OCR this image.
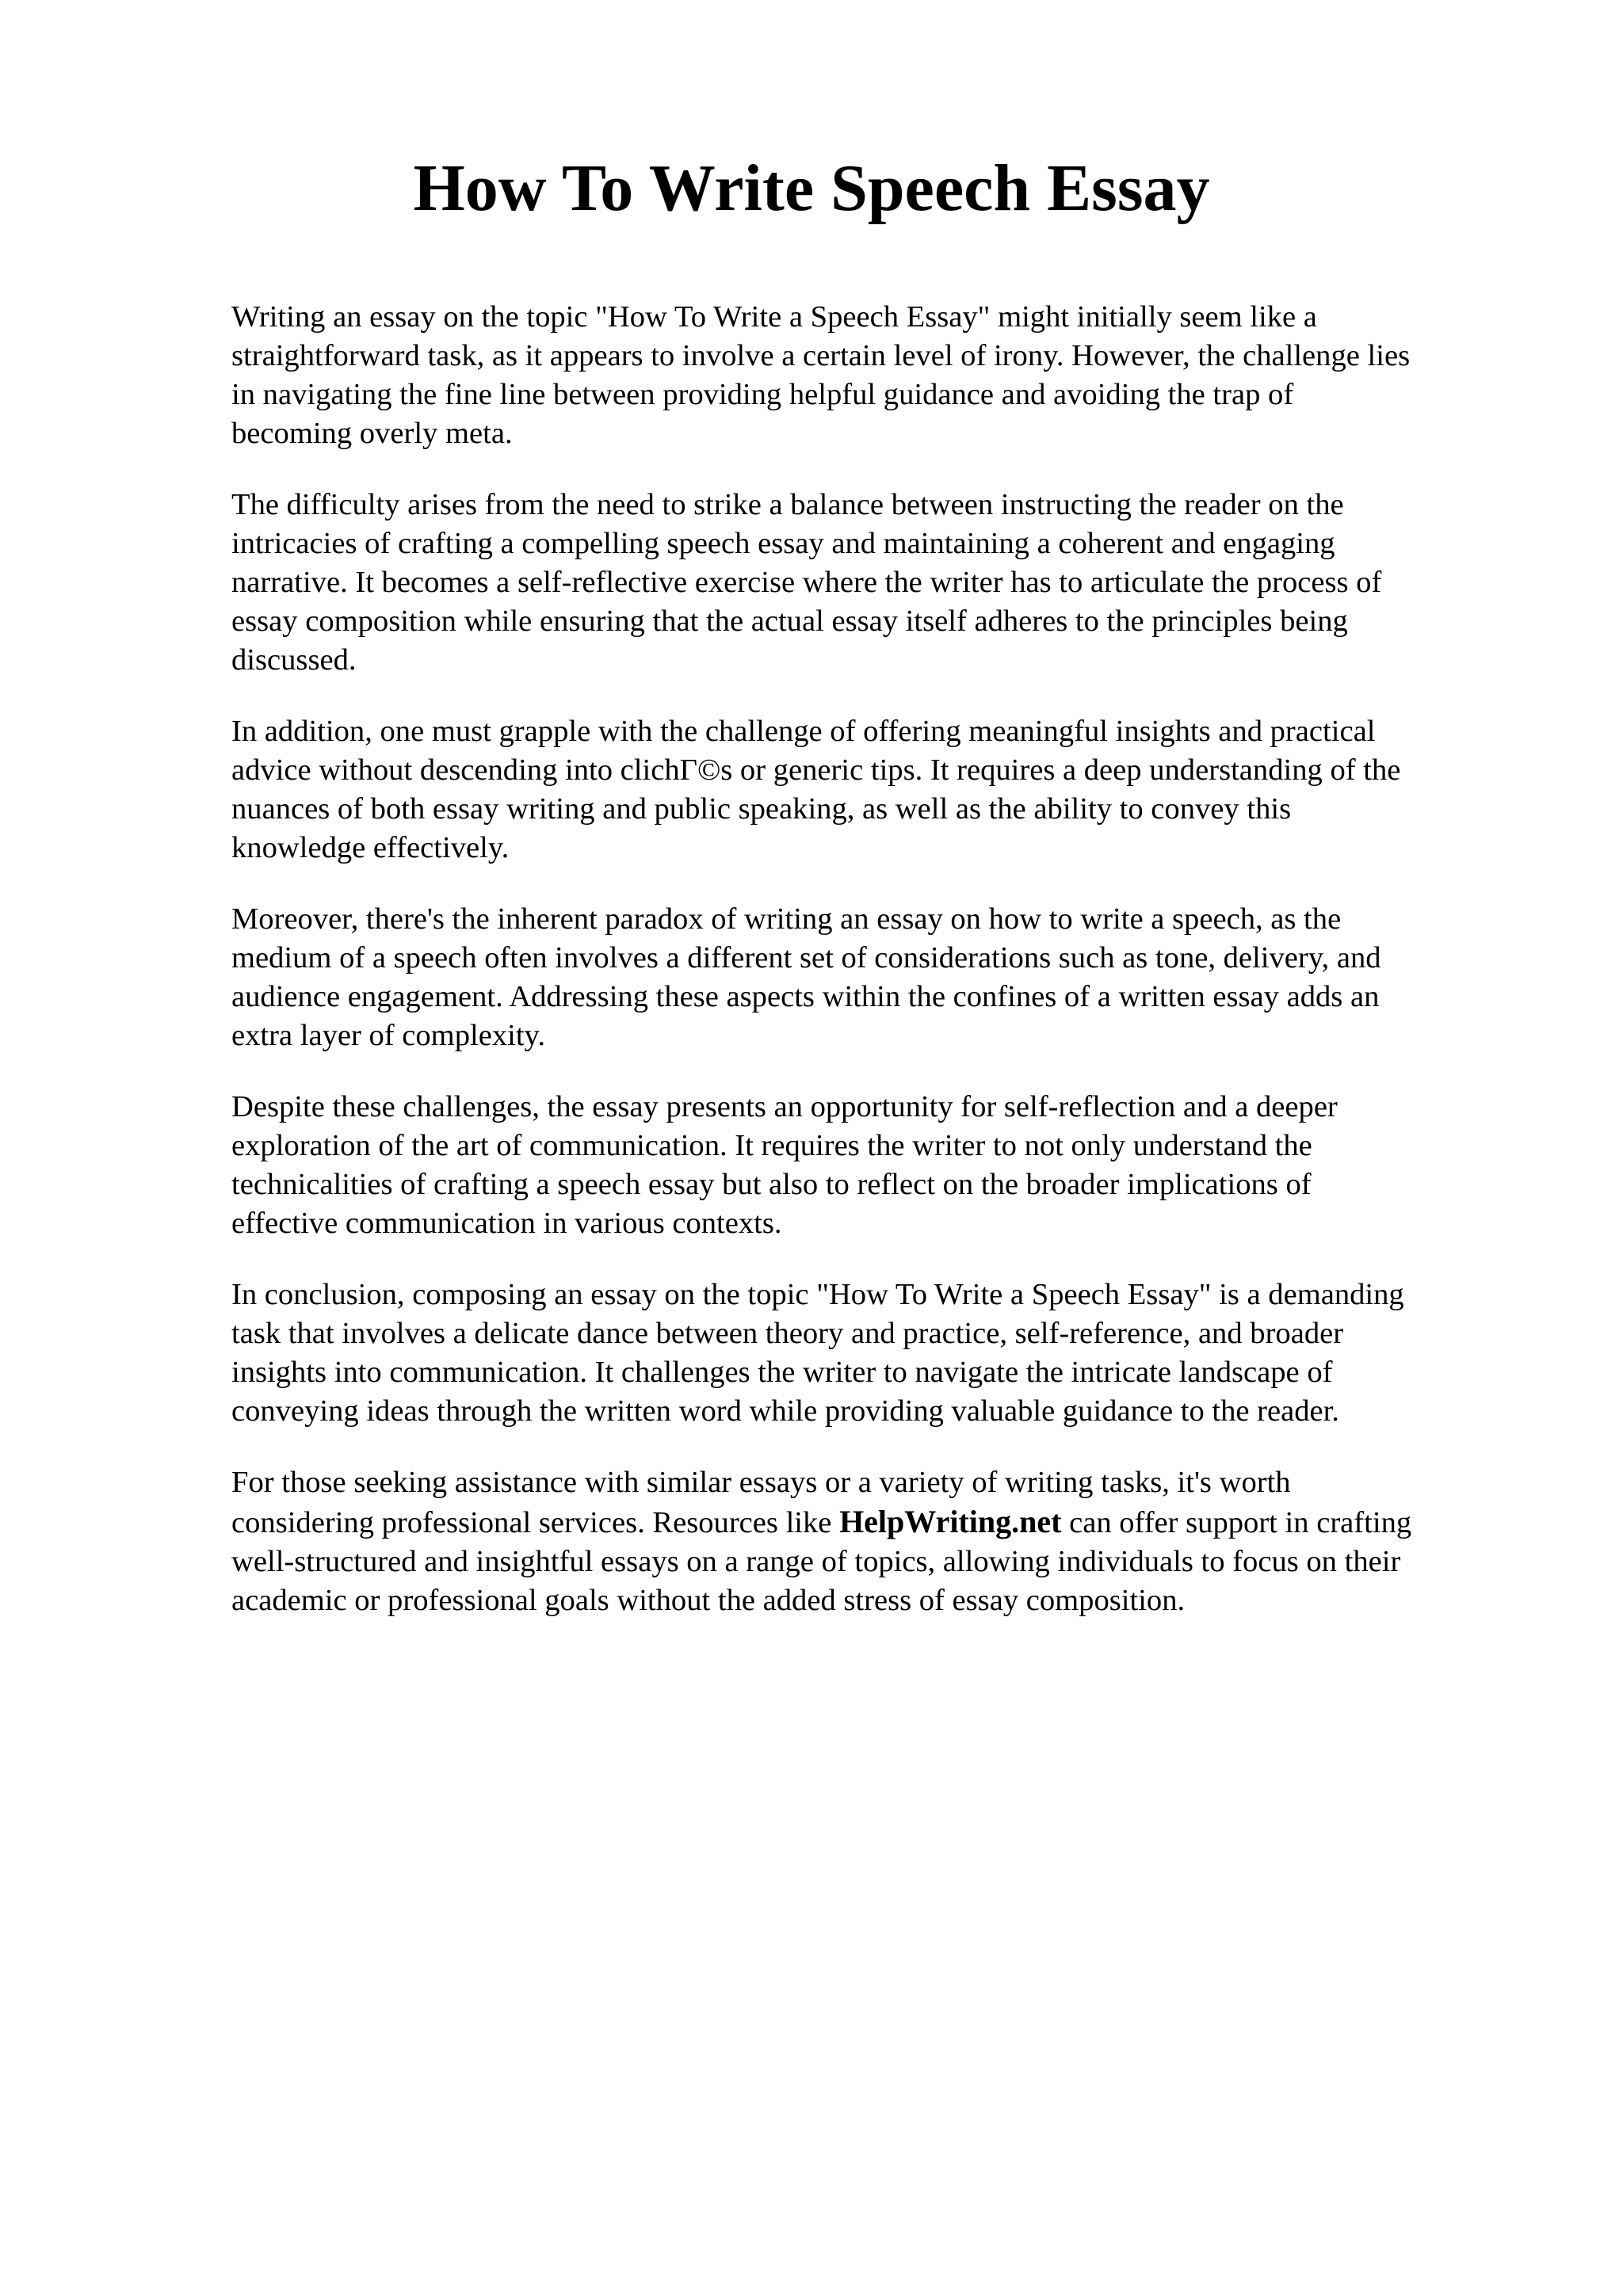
How To Write Speech Essay

Writing an essay on the topic "How To Write a Speech Essay" might initially seem like a
straightforward task, as it appears to involve a certain level of irony. However, the challenge lies
in navigating the fine line between providing helpful guidance and avoiding the trap of
becoming overly meta.

The difficulty arises from the need to strike a balance between instructing the reader on the
intricacies of crafting a compelling speech essay and maintaining a coherent and engaging
narrative. It becomes a self-reflective exercise where the writer has to articulate the process of
essay composition while ensuring that the actual essay itself adheres to the principles being
discussed.

In addition, one must grapple with the challenge of offering meaningful insights and practical
advice without descending into clichГ©s or generic tips. It requires a deep understanding of the
nuances of both essay writing and public speaking, as well as the ability to convey this
knowledge effectively.

Moreover, there's the inherent paradox of writing an essay on how to write a speech, as the
medium of a speech often involves a different set of considerations such as tone, delivery, and
audience engagement. Addressing these aspects within the confines of a written essay adds an
extra layer of complexity.

Despite these challenges, the essay presents an opportunity for self-reflection and a deeper
exploration of the art of communication. It requires the writer to not only understand the
technicalities of crafting a speech essay but also to reflect on the broader implications of
effective communication in various contexts.

In conclusion, composing an essay on the topic "How To Write a Speech Essay" is a demanding
task that involves a delicate dance between theory and practice, self-reference, and broader
insights into communication. It challenges the writer to navigate the intricate landscape of
conveying ideas through the written word while providing valuable guidance to the reader.

For those seeking assistance with similar essays or a variety of writing tasks, it's worth
considering professional services. Resources like HelpWriting.net can offer support in crafting
well-structured and insightful essays on a range of topics, allowing individuals to focus on their
academic or professional goals without the added stress of essay composition.
